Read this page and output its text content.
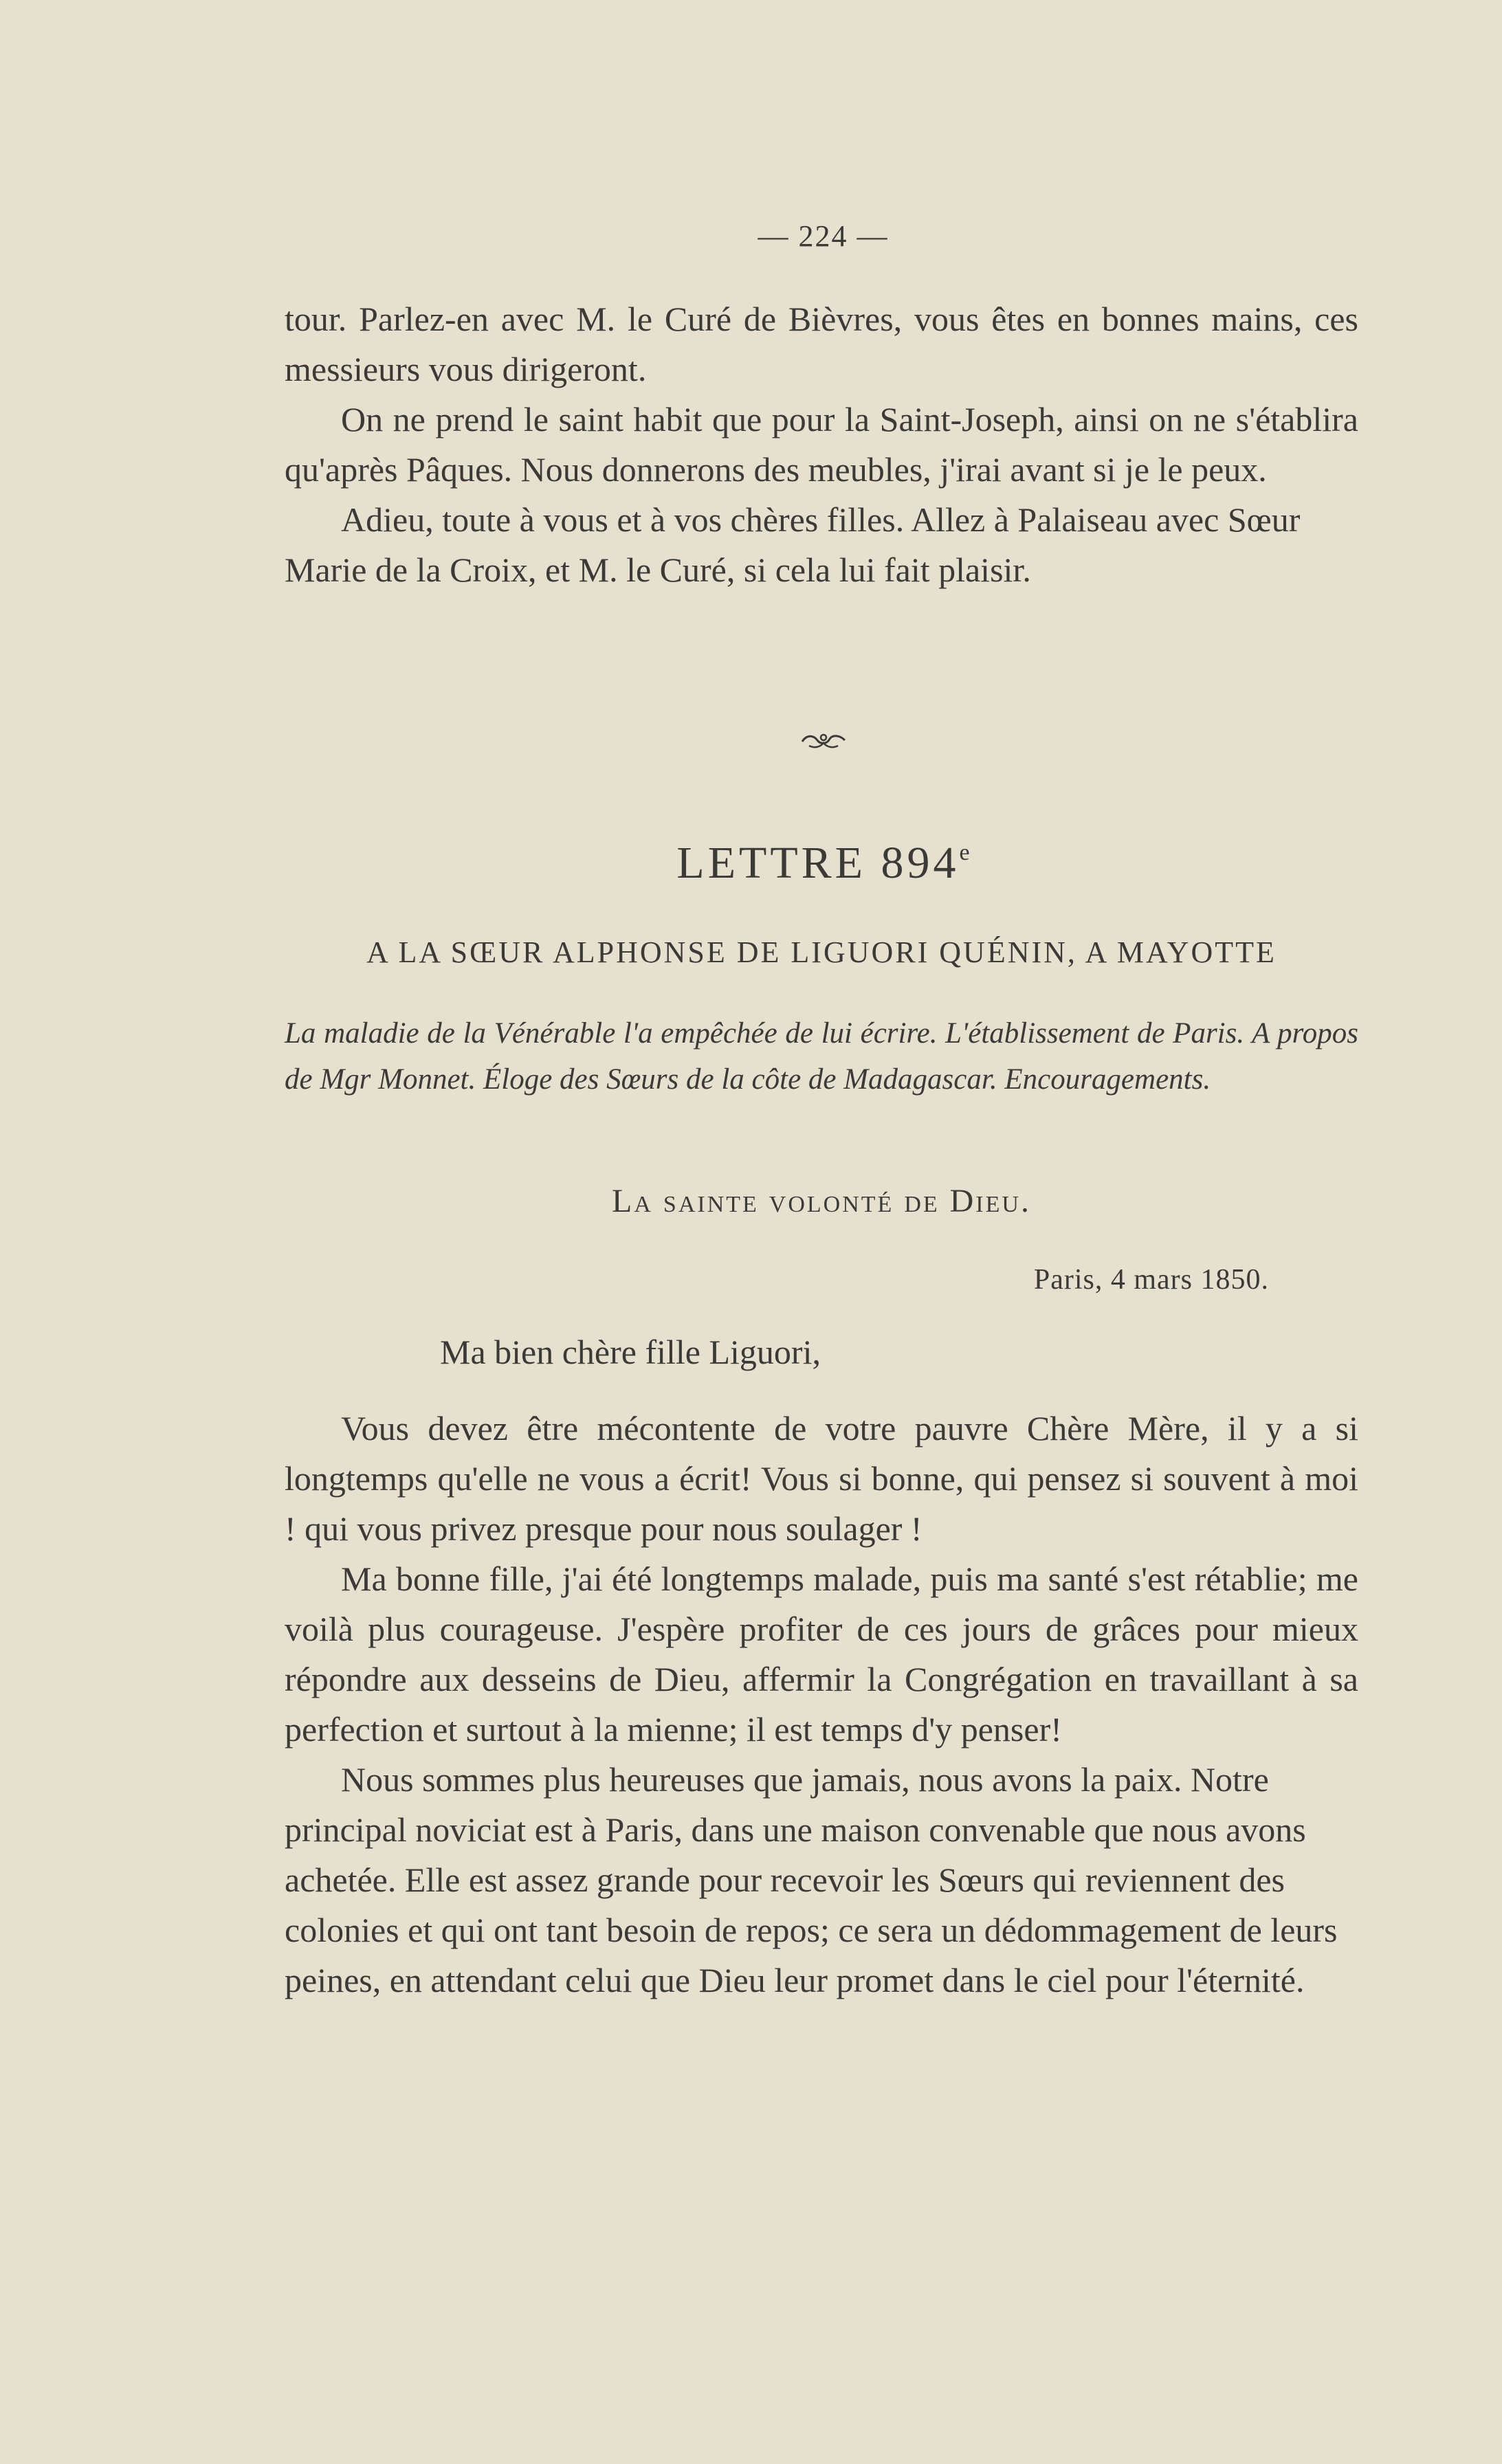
— 224 —

tour. Parlez-en avec M. le Curé de Bièvres, vous êtes en bonnes mains, ces messieurs vous dirigeront.

On ne prend le saint habit que pour la Saint-Joseph, ainsi on ne s'établira qu'après Pâques. Nous donnerons des meubles, j'irai avant si je le peux.

Adieu, toute à vous et à vos chères filles. Allez à Palaiseau avec Sœur Marie de la Croix, et M. le Curé, si cela lui fait plaisir.

LETTRE 894e
A LA SŒUR ALPHONSE DE LIGUORI QUÉNIN, A MAYOTTE

La maladie de la Vénérable l'a empêchée de lui écrire. L'établissement de Paris. A propos de Mgr Monnet. Éloge des Sœurs de la côte de Madagascar. Encouragements.

La sainte volonté de Dieu.
Paris, 4 mars 1850.
Ma bien chère fille Liguori,

Vous devez être mécontente de votre pauvre Chère Mère, il y a si longtemps qu'elle ne vous a écrit! Vous si bonne, qui pensez si souvent à moi ! qui vous privez presque pour nous soulager !

Ma bonne fille, j'ai été longtemps malade, puis ma santé s'est rétablie; me voilà plus courageuse. J'espère profiter de ces jours de grâces pour mieux répondre aux desseins de Dieu, affermir la Congrégation en travaillant à sa perfection et surtout à la mienne; il est temps d'y penser!

Nous sommes plus heureuses que jamais, nous avons la paix. Notre principal noviciat est à Paris, dans une maison convenable que nous avons achetée. Elle est assez grande pour recevoir les Sœurs qui reviennent des colonies et qui ont tant besoin de repos; ce sera un dédommagement de leurs peines, en attendant celui que Dieu leur promet dans le ciel pour l'éternité.
